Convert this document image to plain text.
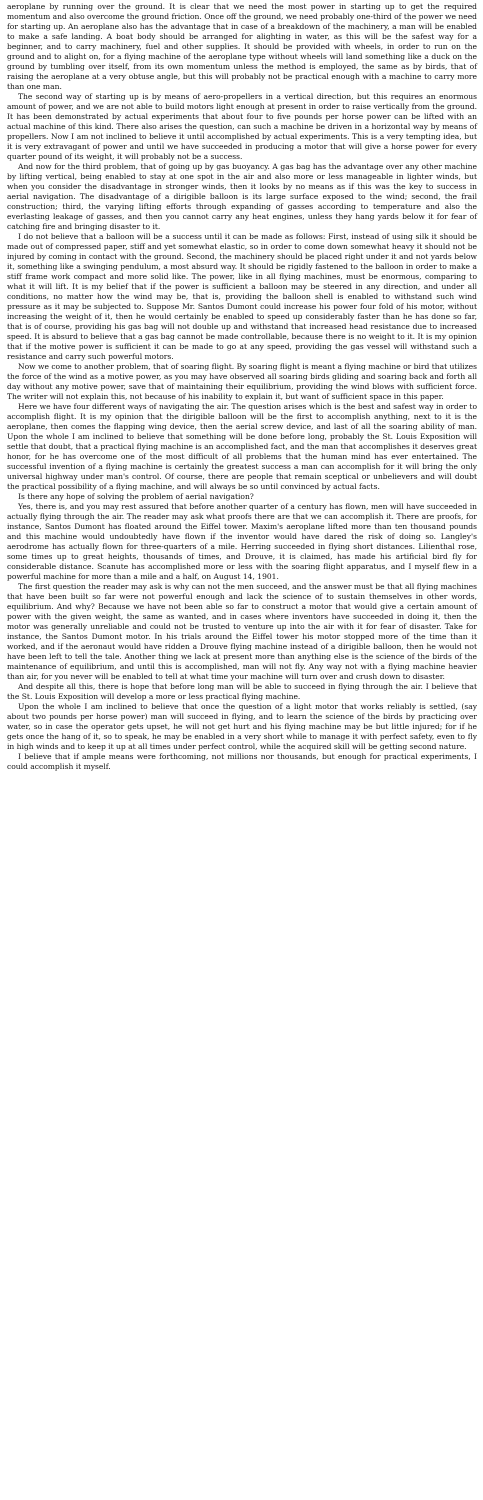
aeroplane by running over the ground. It is clear that we need the most power in starting up to get the required momentum and also overcome the ground friction. Once off the ground, we need probably one-third of the power we need for starting up. An aeroplane also has the advantage that in case of a breakdown of the machinery, a man will be enabled to make a safe landing. A boat body should be arranged for alighting in water, as this will be the safest way for a beginner, and to carry machinery, fuel and other supplies. It should be provided with wheels, in order to run on the ground and to alight on, for a flying machine of the aeroplane type without wheels will land something like a duck on the ground by tumbling over itself, from its own momentum unless the method is employed, the same as by birds, that of raising the aeroplane at a very obtuse angle, but this will probably not be practical enough with a machine to carry more than one man.

The second way of starting up is by means of aero-propellers in a vertical direction, but this requires an enormous amount of power, and we are not able to build motors light enough at present in order to raise vertically from the ground. It has been demonstrated by actual experiments that about four to five pounds per horse power can be lifted with an actual machine of this kind. There also arises the question, can such a machine be driven in a horizontal way by means of propellers. Now I am not inclined to believe it until accomplished by actual experiments. This is a very tempting idea, but it is very extravagant of power and until we have succeeded in producing a motor that will give a horse power for every quarter pound of its weight, it will probably not be a success.

And now for the third problem, that of going up by gas buoyancy. A gas bag has the advantage over any other machine by lifting vertical, being enabled to stay at one spot in the air and also more or less manageable in lighter winds, but when you consider the disadvantage in stronger winds, then it looks by no means as if this was the key to success in aerial navigation. The disadvantage of a dirigible balloon is its large surface exposed to the wind; second, the frail construction; third, the varying lifting efforts through expanding of gasses according to temperature and also the everlasting leakage of gasses, and then you cannot carry any heat engines, unless they hang yards below it for fear of catching fire and bringing disaster to it.

I do not believe that a balloon will be a success until it can be made as follows: First, instead of using silk it should be made out of compressed paper, stiff and yet somewhat elastic, so in order to come down somewhat heavy it should not be injured by coming in contact with the ground. Second, the machinery should be placed right under it and not yards below it, something like a swinging pendulum, a most absurd way. It should be rigidly fastened to the balloon in order to make a stiff frame work compact and more solid like. The power, like in all flying machines, must be enormous, comparing to what it will lift. It is my belief that if the power is sufficient a balloon may be steered in any direction, and under all conditions, no matter how the wind may be, that is, providing the balloon shell is enabled to withstand such wind pressure as it may be subjected to. Suppose Mr. Santos Dumont could increase his power four fold of his motor, without increasing the weight of it, then he would certainly be enabled to speed up considerably faster than he has done so far, that is of course, providing his gas bag will not double up and withstand that increased head resistance due to increased speed. It is absurd to believe that a gas bag cannot be made controllable, because there is no weight to it. It is my opinion that if the motive power is sufficient it can be made to go at any speed, providing the gas vessel will withstand such a resistance and carry such powerful motors.

Now we come to another problem, that of soaring flight. By soaring flight is meant a flying machine or bird that utilizes the force of the wind as a motive power, as you may have observed all soaring birds gliding and soaring back and forth all day without any motive power, save that of maintaining their equilibrium, providing the wind blows with sufficient force. The writer will not explain this, not because of his inability to explain it, but want of sufficient space in this paper.

Here we have four different ways of navigating the air. The question arises which is the best and safest way in order to accomplish flight. It is my opinion that the dirigible balloon will be the first to accomplish anything, next to it is the aeroplane, then comes the flapping wing device, then the aerial screw device, and last of all the soaring ability of man. Upon the whole I am inclined to believe that something will be done before long, probably the St. Louis Exposition will settle that doubt, that a practical flying machine is an accomplished fact, and the man that accomplishes it deserves great honor, for he has overcome one of the most difficult of all problems that the human mind has ever entertained. The successful invention of a flying machine is certainly the greatest success a man can accomplish for it will bring the only universal highway under man's control. Of course, there are people that remain sceptical or unbelievers and will doubt the practical possibility of a flying machine, and will always be so until convinced by actual facts.

Is there any hope of solving the problem of aerial navigation?

Yes, there is, and you may rest assured that before another quarter of a century has flown, men will have succeeded in actually flying through the air. The reader may ask what proofs there are that we can accomplish it. There are proofs, for instance, Santos Dumont has floated around the Eiffel tower. Maxim's aeroplane lifted more than ten thousand pounds and this machine would undoubtedly have flown if the inventor would have dared the risk of doing so. Langley's aerodrome has actually flown for three-quarters of a mile. Herring succeeded in flying short distances. Lilienthal rose, some times up to great heights, thousands of times, and Drouve, it is claimed, has made his artificial bird fly for considerable distance. Scanute has accomplished more or less with the soaring flight apparatus, and I myself flew in a powerful machine for more than a mile and a half, on August 14, 1901.

The first question the reader may ask is why can not the men succeed, and the answer must be that all flying machines that have been built so far were not powerful enough and lack the science of to sustain themselves in other words, equilibrium. And why? Because we have not been able so far to construct a motor that would give a certain amount of power with the given weight, the same as wanted, and in cases where inventors have succeeded in doing it, then the motor was generally unreliable and could not be trusted to venture up into the air with it for fear of disaster. Take for instance, the Santos Dumont motor. In his trials around the Eiffel tower his motor stopped more of the time than it worked, and if the aeronaut would have ridden a Drouve flying machine instead of a dirigible balloon, then he would not have been left to tell the tale. Another thing we lack at present more than anything else is the science of the birds of the maintenance of equilibrium, and until this is accomplished, man will not fly. Any way not with a flying machine heavier than air, for you never will be enabled to tell at what time your machine will turn over and crush down to disaster.

And despite all this, there is hope that before long man will be able to succeed in flying through the air. I believe that the St. Louis Exposition will develop a more or less practical flying machine.

Upon the whole I am inclined to believe that once the question of a light motor that works reliably is settled, (say about two pounds per horse power) man will succeed in flying, and to learn the science of the birds by practicing over water, so in case the operator gets upset, he will not get hurt and his flying machine may be but little injured; for if he gets once the hang of it, so to speak, he may be enabled in a very short while to manage it with perfect safety, even to fly in high winds and to keep it up at all times under perfect control, while the acquired skill will be getting second nature.

I believe that if ample means were forthcoming, not millions nor thousands, but enough for practical experiments, I could accomplish it myself.
